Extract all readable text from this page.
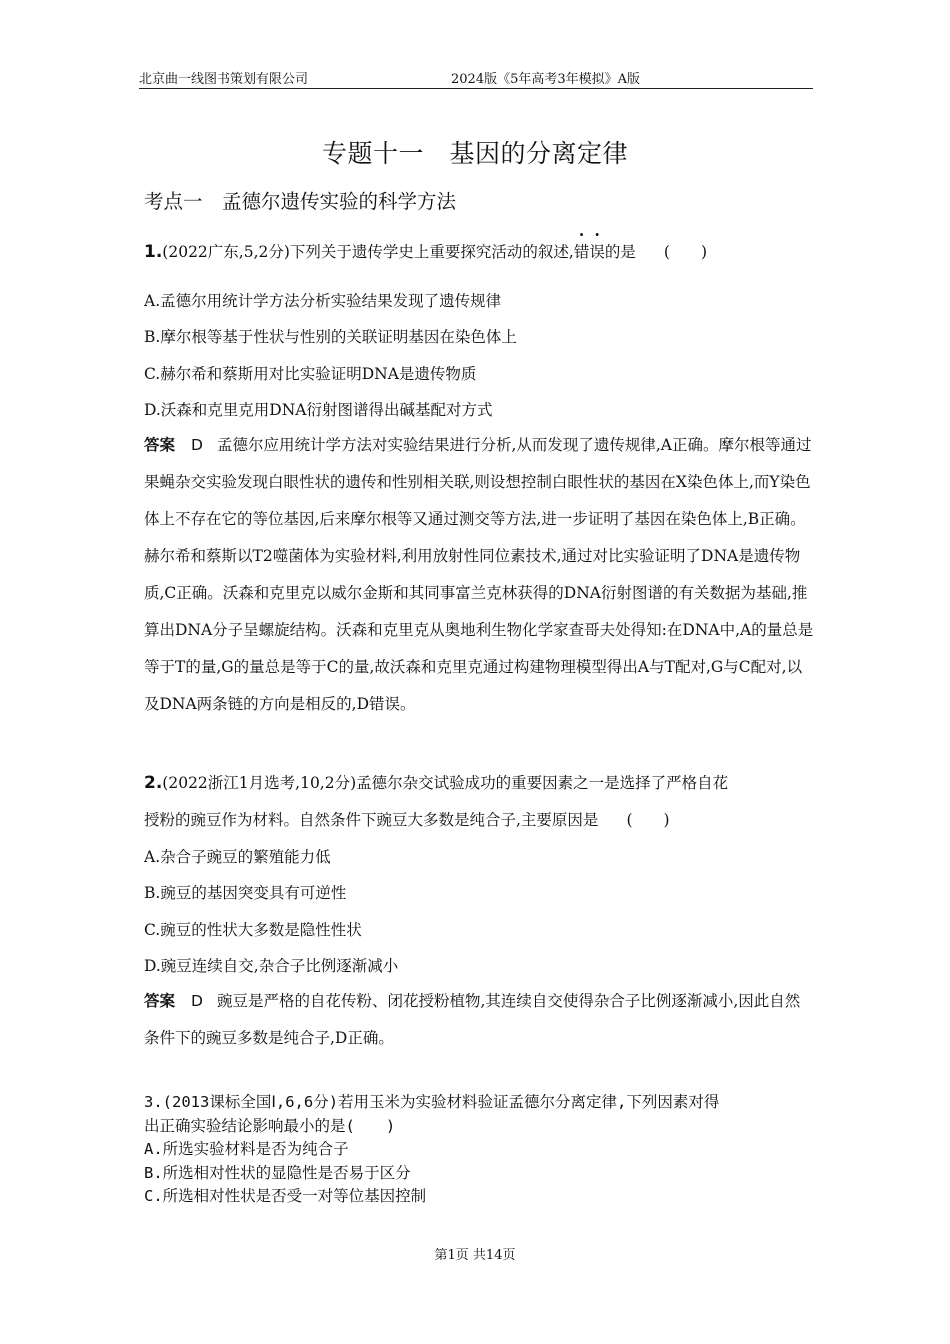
北京曲一线图书策划有限公司	2024版《5年高考3年模拟》A版
专题十一　基因的分离定律
考点一　孟德尔遗传实验的科学方法
1.(2022广东,5,2分)下列关于遗传学史上重要探究活动的叙述,错误的是 (　　)
A.孟德尔用统计学方法分析实验结果发现了遗传规律
B.摩尔根等基于性状与性别的关联证明基因在染色体上
C.赫尔希和蔡斯用对比实验证明DNA是遗传物质
D.沃森和克里克用DNA衍射图谱得出碱基配对方式
答案 D 孟德尔应用统计学方法对实验结果进行分析,从而发现了遗传规律,A正确。摩尔根等通过果蝇杂交实验发现白眼性状的遗传和性别相关联,则设想控制白眼性状的基因在X染色体上,而Y染色体上不存在它的等位基因,后来摩尔根等又通过测交等方法,进一步证明了基因在染色体上,B正确。赫尔希和蔡斯以T2噬菌体为实验材料,利用放射性同位素技术,通过对比实验证明了DNA是遗传物质,C正确。沃森和克里克以威尔金斯和其同事富兰克林获得的DNA衍射图谱的有关数据为基础,推算出DNA分子呈螺旋结构。沃森和克里克从奥地利生物化学家查哥夫处得知:在DNA中,A的量总是等于T的量,G的量总是等于C的量,故沃森和克里克通过构建物理模型得出A与T配对,G与C配对,以及DNA两条链的方向是相反的,D错误。
2.(2022浙江1月选考,10,2分)孟德尔杂交试验成功的重要因素之一是选择了严格自花
授粉的豌豆作为材料。自然条件下豌豆大多数是纯合子,主要原因是 (　　)
A.杂合子豌豆的繁殖能力低
B.豌豆的基因突变具有可逆性
C.豌豆的性状大多数是隐性性状
D.豌豆连续自交,杂合子比例逐渐减小
答案 D 豌豆是严格的自花传粉、闭花授粉植物,其连续自交使得杂合子比例逐渐减小,因此自然条件下的豌豆多数是纯合子,D正确。
3.(2013课标全国Ⅰ,6,6分)若用玉米为实验材料验证孟德尔分离定律,下列因素对得
出正确实验结论影响最小的是(　　)
A.所选实验材料是否为纯合子
B.所选相对性状的显隐性是否易于区分
C.所选相对性状是否受一对等位基因控制
第1页 共14页
